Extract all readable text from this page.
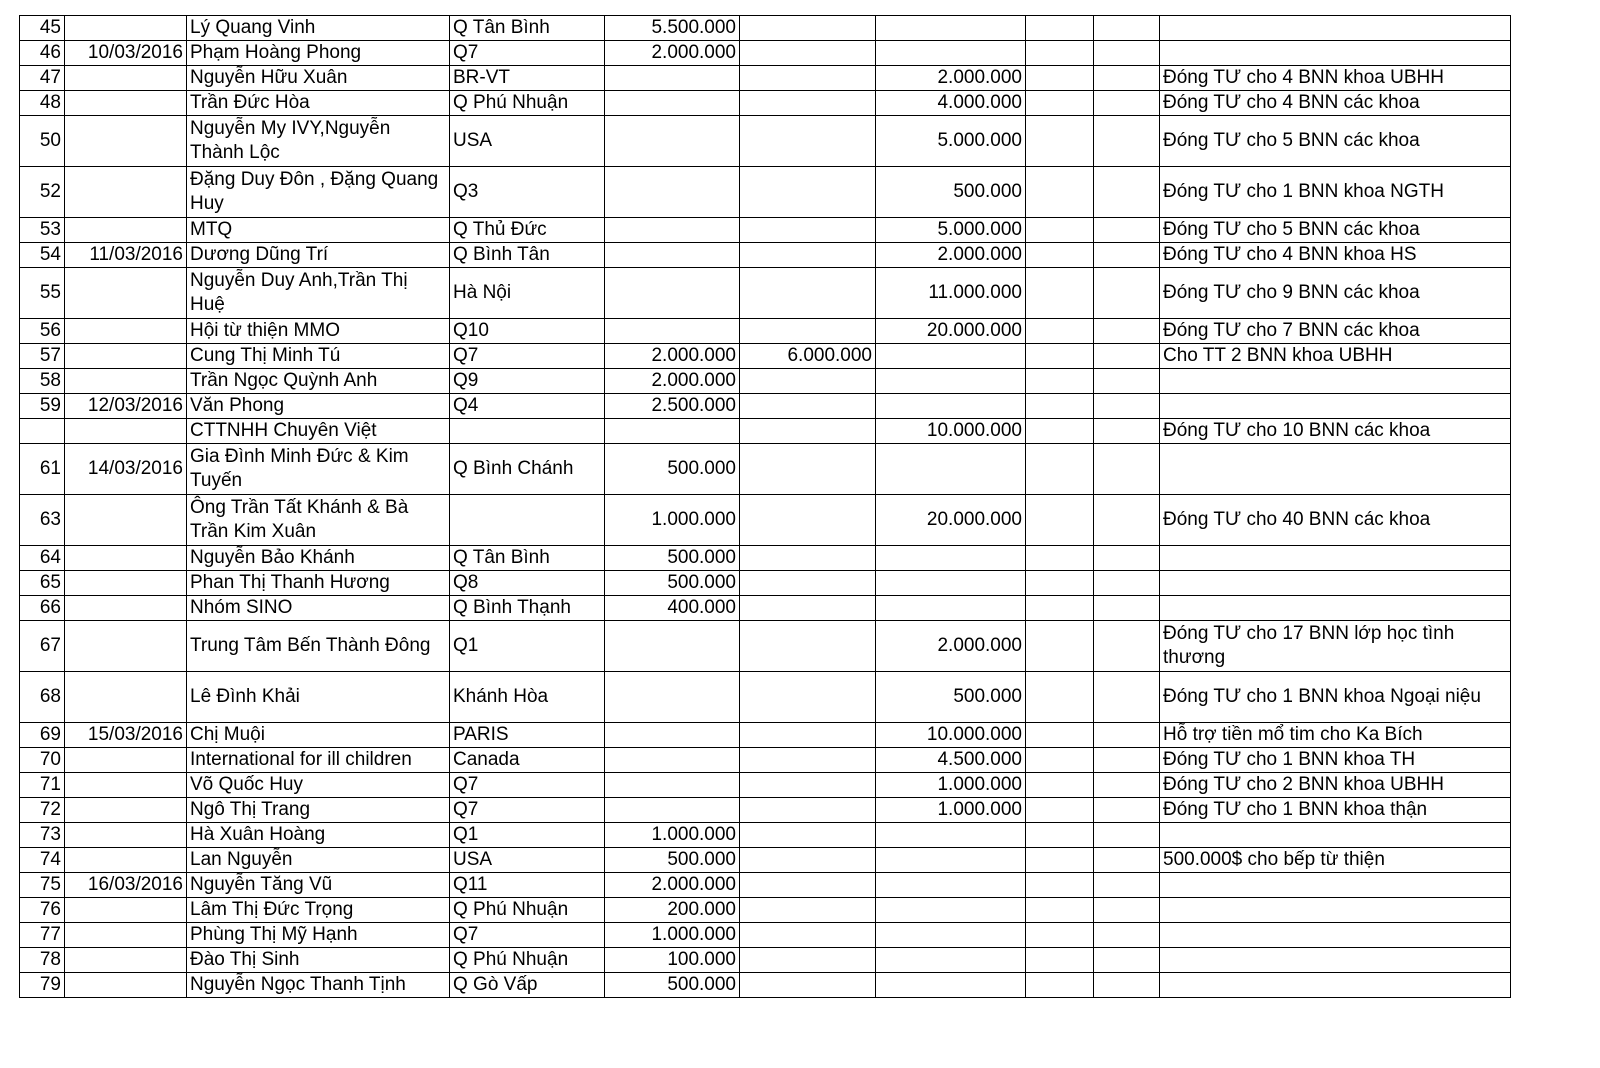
45		Lý Quang Vinh	Q Tân Bình	5.500.000					
46	10/03/2016	Phạm Hoàng Phong	Q7	2.000.000					
47		Nguyễn Hữu Xuân	BR-VT			2.000.000			Đóng TƯ cho 4 BNN khoa UBHH
48		Trần Đức Hòa	Q Phú Nhuận			4.000.000			Đóng TƯ cho 4 BNN các khoa
50		Nguyễn My IVY,Nguyễn Thành Lộc	USA			5.000.000			Đóng TƯ cho 5 BNN các khoa
52		Đặng Duy Đôn , Đặng Quang Huy	Q3			500.000			Đóng TƯ cho 1 BNN khoa NGTH
53		MTQ	Q Thủ Đức			5.000.000			Đóng TƯ cho 5 BNN các khoa
54	11/03/2016	Dương Dũng Trí	Q Bình Tân			2.000.000			Đóng TƯ cho 4 BNN khoa HS
55		Nguyễn Duy Anh,Trần Thị Huệ	Hà Nội			11.000.000			Đóng TƯ cho 9 BNN các khoa
56		Hội từ thiện MMO	Q10			20.000.000			Đóng TƯ cho 7 BNN các khoa
57		Cung Thị Minh Tú	Q7	2.000.000	6.000.000				Cho TT 2 BNN khoa UBHH
58		Trần Ngọc Quỳnh Anh	Q9	2.000.000					
59	12/03/2016	Văn Phong	Q4	2.500.000					
		CTTNHH Chuyên Việt				10.000.000			Đóng TƯ cho 10 BNN các khoa
61	14/03/2016	Gia Đình Minh Đức & Kim Tuyến	Q Bình Chánh	500.000					
63		Ông Trần Tất Khánh & Bà Trần Kim Xuân		1.000.000		20.000.000			Đóng TƯ cho 40 BNN các khoa
64		Nguyễn Bảo Khánh	Q Tân Bình	500.000					
65		Phan Thị Thanh Hương	Q8	500.000					
66		Nhóm SINO	Q Bình Thạnh	400.000					
67		Trung Tâm Bến Thành Đông	Q1			2.000.000			Đóng TƯ cho 17 BNN lớp học tình thương
68		Lê Đình Khải	Khánh Hòa			500.000			Đóng TƯ cho 1 BNN khoa Ngoại niệu
69	15/03/2016	Chị Muội	PARIS			10.000.000			Hỗ trợ tiền mổ tim cho Ka Bích
70		International for ill children	Canada			4.500.000			Đóng TƯ cho 1 BNN khoa TH
71		Võ Quốc Huy	Q7			1.000.000			Đóng TƯ cho 2 BNN khoa UBHH
72		Ngô Thị Trang	Q7			1.000.000			Đóng TƯ cho 1 BNN khoa thận
73		Hà Xuân Hoàng	Q1	1.000.000					
74		Lan Nguyễn	USA	500.000					500.000$ cho bếp từ thiện
75	16/03/2016	Nguyễn Tăng Vũ	Q11	2.000.000					
76		Lâm Thị Đức Trọng	Q Phú Nhuận	200.000					
77		Phùng Thị Mỹ Hạnh	Q7	1.000.000					
78		Đào Thị Sinh	Q Phú Nhuận	100.000					
79		Nguyễn Ngọc Thanh Tịnh	Q Gò Vấp	500.000					
